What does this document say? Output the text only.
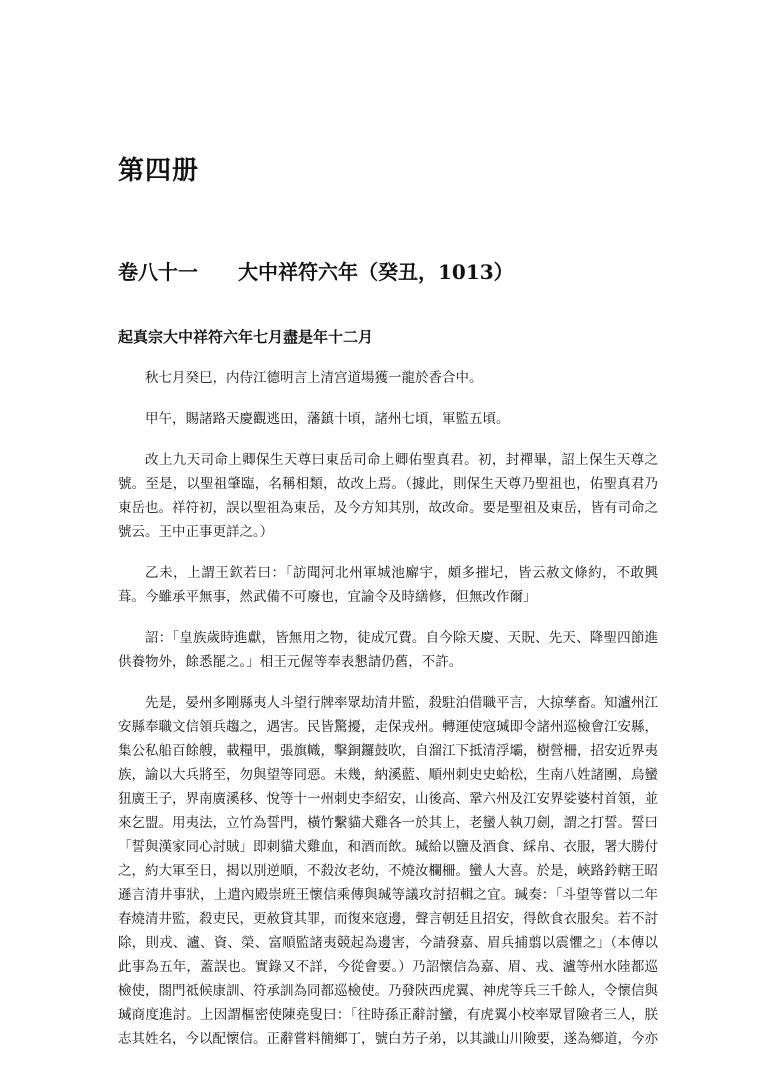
第四册
卷八十一　　大中祥符六年（癸丑，1013）
起真宗大中祥符六年七月盡是年十二月

秋七月癸巳，内侍江德明言上清宫道場獲一龍於香合中。

甲午，賜諸路天慶觀逃田，藩鎮十頃，諸州七頃，軍監五頃。

改上九天司命上卿保生天尊曰東岳司命上卿佑聖真君。初，封禪畢，詔上保生天尊之號。至是，以聖祖肇臨，名稱相類，故改上焉。（據此，則保生天尊乃聖祖也，佑聖真君乃東岳也。祥符初，誤以聖祖為東岳，及今方知其別，故改命。要是聖祖及東岳，皆有司命之號云。王中正事更詳之。）

乙未，上謂王欽若曰：「訪聞河北州軍城池廨宇，頗多摧圮，皆云赦文條約，不敢興葺。今雖承平無事，然武備不可廢也，宜諭令及時繕修，但無改作爾」

詔：「皇族歲時進獻，皆無用之物，徒成冗費。自今除天慶、天貺、先天、降聖四節進供養物外，餘悉罷之。」相王元偓等奉表懇請仍舊，不許。

先是，晏州多剛縣夷人斗望行牌率眾劫清井監，殺駐泊借職平言，大掠孳畜。知瀘州江安縣奉職文信領兵趨之，遇害。民皆驚擾，走保戎州。轉運使寇瑊即令諸州巡檢會江安縣，集公私船百餘艘，載糧甲，張旗幟，擊銅鑼鼓吹，自溜江下抵清浮壩，樹營柵，招安近界夷族，諭以大兵將至，勿與望等同惡。未幾，納溪藍、順州刺史史蛤松，生南八姓諸團，烏蠻狃廣王子，界南廣溪移、悅等十一州刺史李紹安，山後高、鞏六州及江安界娑婆村首領，並來乞盟。用夷法，立竹為誓門，橫竹繫貓犬雞各一於其上，老蠻人執刀劍，謂之打誓。誓曰「誓與漢家同心討賊」即刺貓犬雞血，和酒而飲。瑊給以鹽及酒食、綵帛、衣服，署大勝付之，約大軍至日，揭以別逆順，不殺汝老幼，不燒汝欄柵。蠻人大喜。於是，峽路鈐轄王昭遜言清井事狀，上遣內殿崇班王懷信乘傳與瑊等議攻討招輯之宜。瑊奏：「斗望等嘗以二年春燒清井監，殺吏民，更赦貸其罪，而復來寇邊，聲言朝廷且招安，得飲食衣服矣。若不討除，則戎、瀘、資、榮、富順監諸夷競起為邊害，今請發嘉、眉兵捕翦以震懼之」（本傳以此事為五年，蓋誤也。實錄又不詳，今從會要。）乃詔懷信為嘉、眉、戎、瀘等州水陸都巡檢使，閤門祗候康訓、符承訓為同都巡檢使。乃發陝西虎翼、神虎等兵三千餘人，令懷信與瑊商度進討。上因謂樞密使陳堯叟曰：「往時孫正辭討蠻，有虎翼小校率眾冒險者三人，朕志其姓名，今以配懷信。正辭嘗料簡鄉丁，號白艻子弟，以其識山川險要，遂為鄉道，今亦
